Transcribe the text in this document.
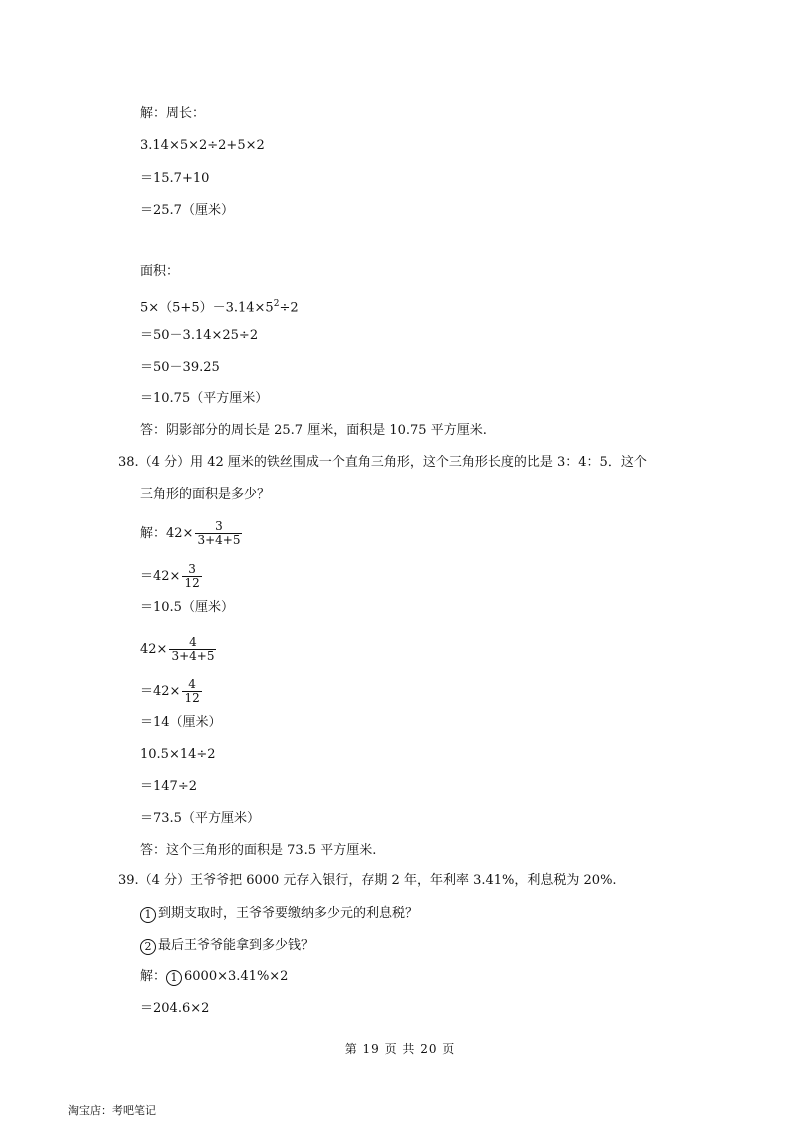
解：周长：
3.14×5×2÷2+5×2
＝15.7+10
＝25.7（厘米）
面积：
$5\times(5+5)-3.14\times 5^2\div 2$
＝50－3.14×25÷2
＝50－39.25
＝10.75（平方厘米）
答：阴影部分的周长是 25.7 厘米，面积是 10.75 平方厘米.
38.（4 分）用 42 厘米的铁丝围成一个直角三角形，这个三角形长度的比是 3：4：5．这个
三角形的面积是多少？
解：$42\times \frac{3}{3+4+5}$
$=42\times \frac{3}{12}$
＝10.5（厘米）
$42\times \frac{4}{3+4+5}$
$=42\times \frac{4}{12}$
＝14（厘米）
10.5×14÷2
＝147÷2
＝73.5（平方厘米）
答：这个三角形的面积是 73.5 平方厘米.
39.（4 分）王爷爷把 6000 元存入银行，存期 2 年，年利率 3.41%，利息税为 20%.
1 到期支取时，王爷爷要缴纳多少元的利息税？
2 最后王爷爷能拿到多少钱？
解： 1 6000×3.41%×2
＝204.6×2
第 19 页 共 20 页
淘宝店：考吧笔记
